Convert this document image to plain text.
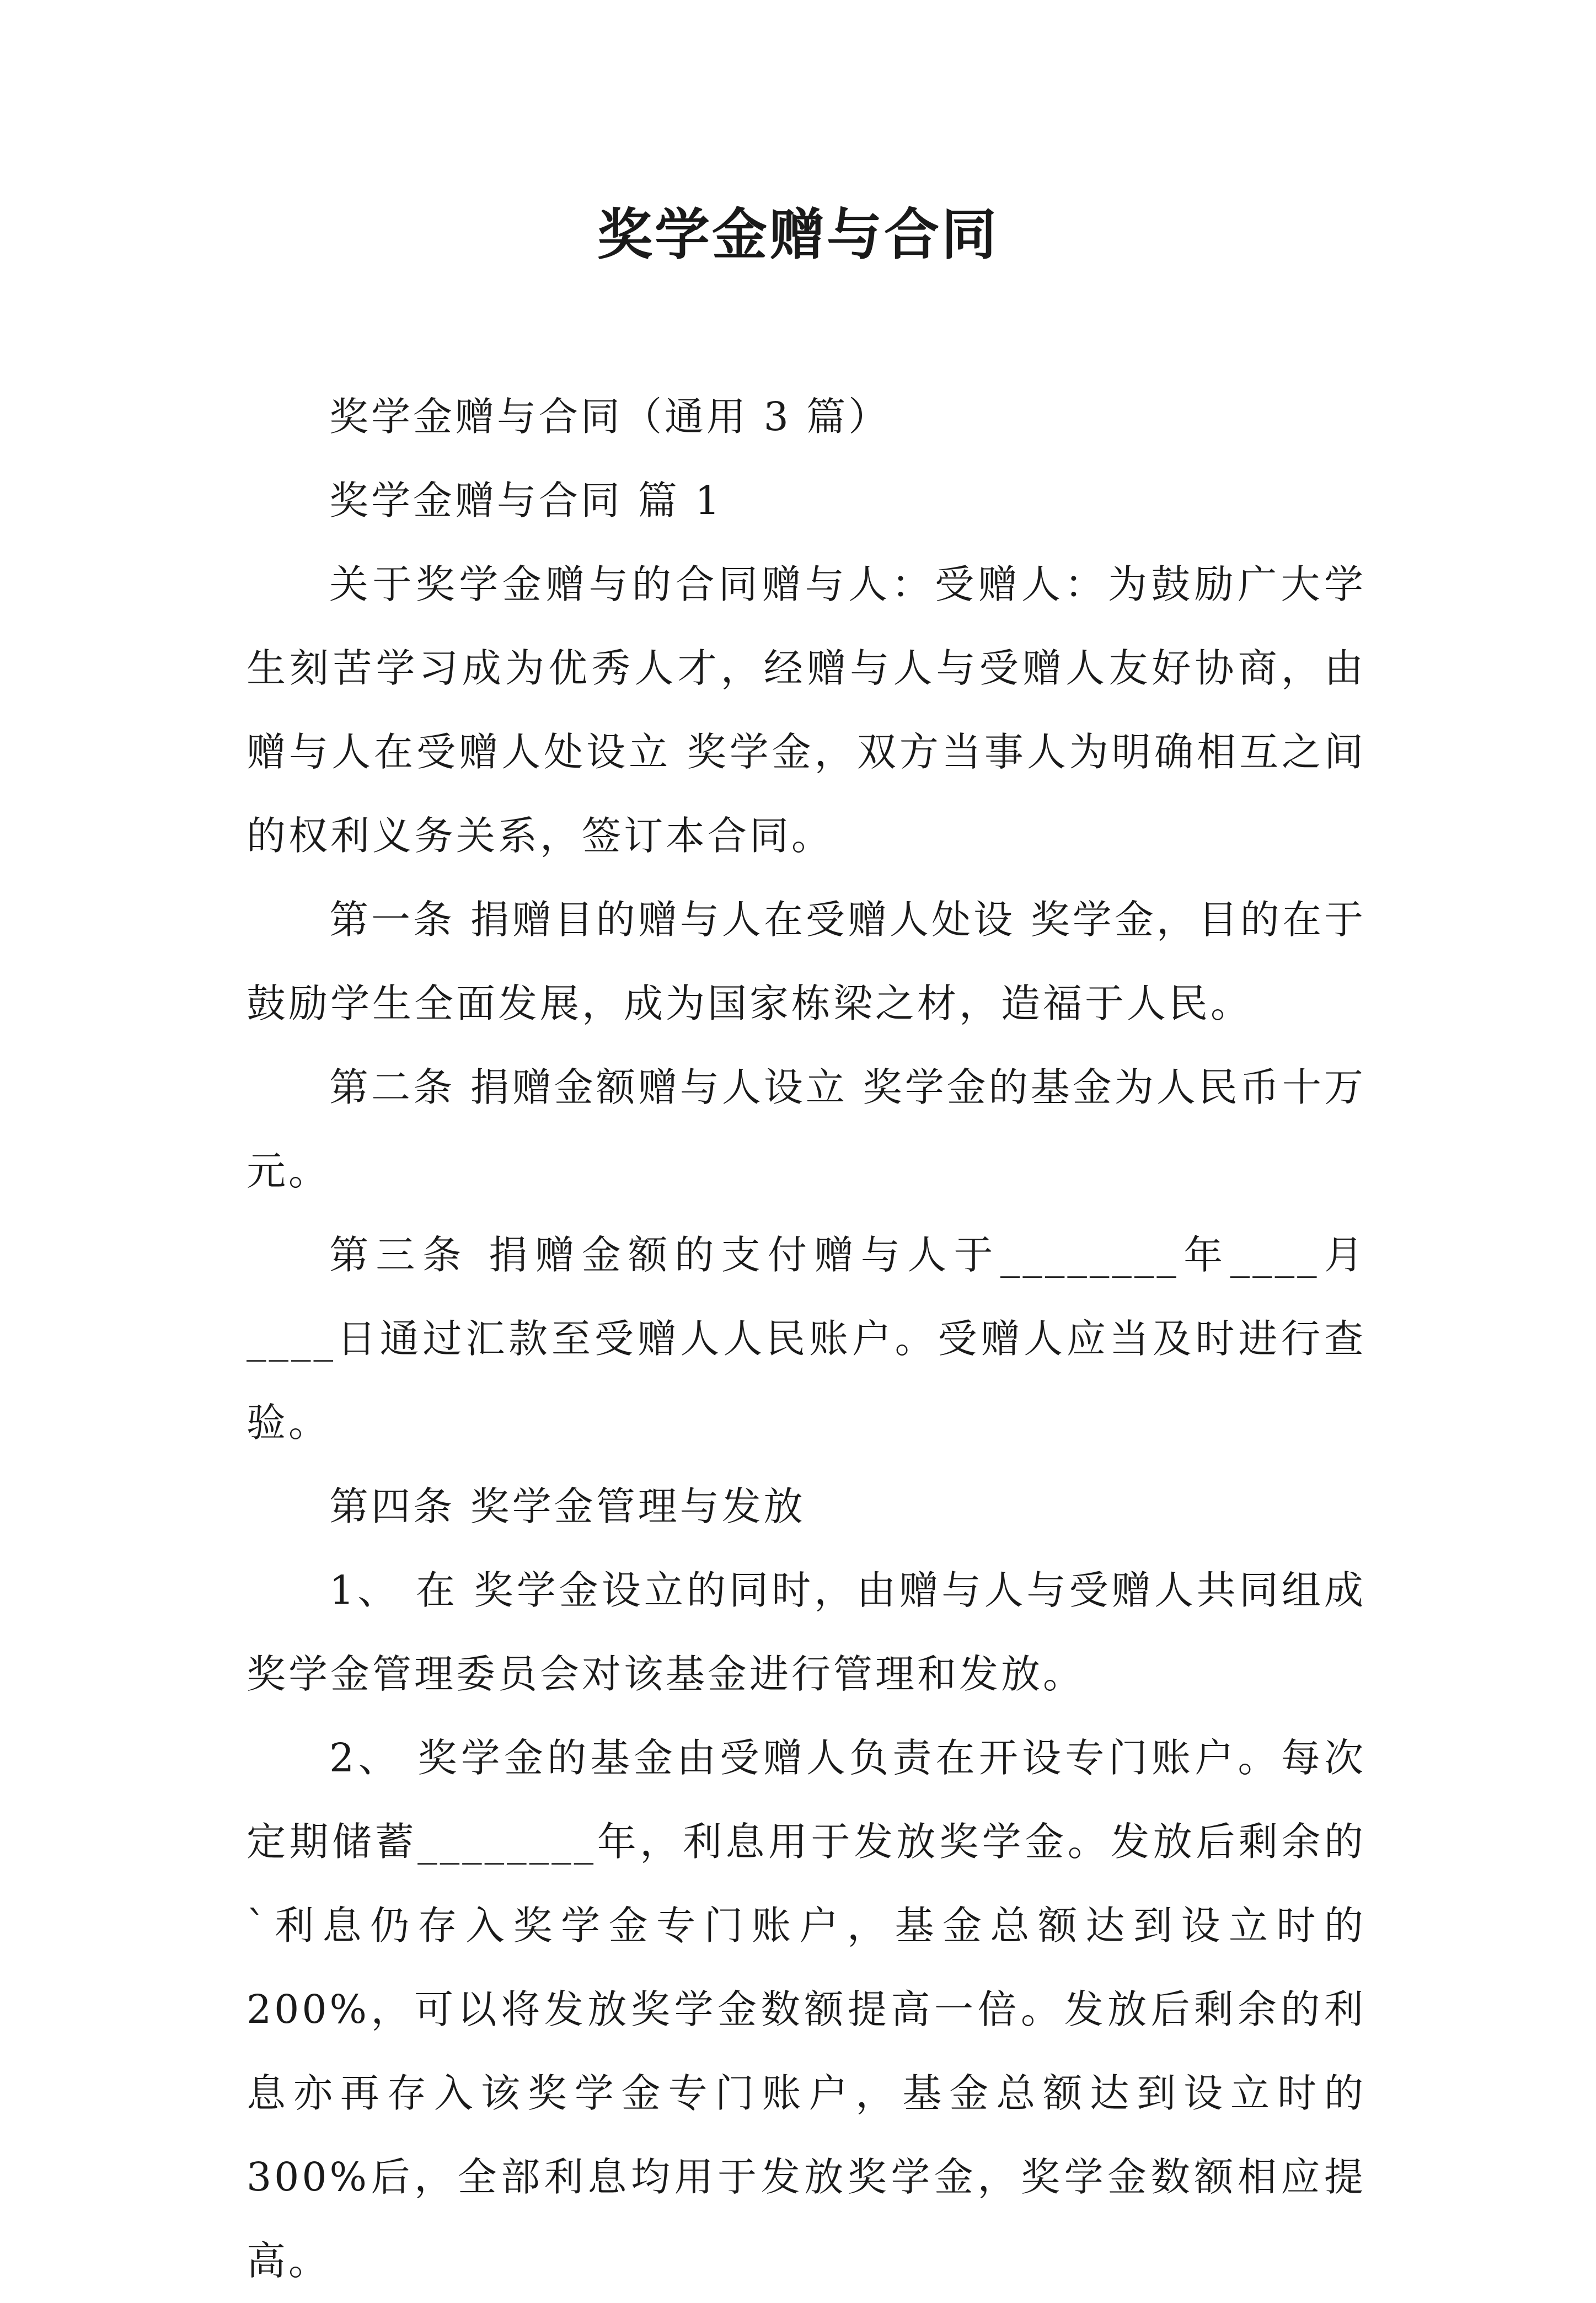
奖学金赠与合同

奖学金赠与合同（通用 3 篇）

奖学金赠与合同 篇 1

关于奖学金赠与的合同赠与人：受赠人：为鼓励广大学生刻苦学习成为优秀人才，经赠与人与受赠人友好协商，由赠与人在受赠人处设立 奖学金，双方当事人为明确相互之间的权利义务关系，签订本合同。

第一条 捐赠目的赠与人在受赠人处设 奖学金，目的在于鼓励学生全面发展，成为国家栋梁之材，造福于人民。

第二条 捐赠金额赠与人设立 奖学金的基金为人民币十万元。

第三条 捐赠金额的支付赠与人于________年____月____日通过汇款至受赠人人民账户。受赠人应当及时进行查验。

第四条 奖学金管理与发放

1、 在 奖学金设立的同时，由赠与人与受赠人共同组成 奖学金管理委员会对该基金进行管理和发放。

2、 奖学金的基金由受赠人负责在开设专门账户。每次定期储蓄________年，利息用于发放奖学金。发放后剩余的`利息仍存入奖学金专门账户，基金总额达到设立时的 200%，可以将发放奖学金数额提高一倍。发放后剩余的利息亦再存入该奖学金专门账户，基金总额达到设立时的 300%后，全部利息均用于发放奖学金，奖学金数额相应提高。
